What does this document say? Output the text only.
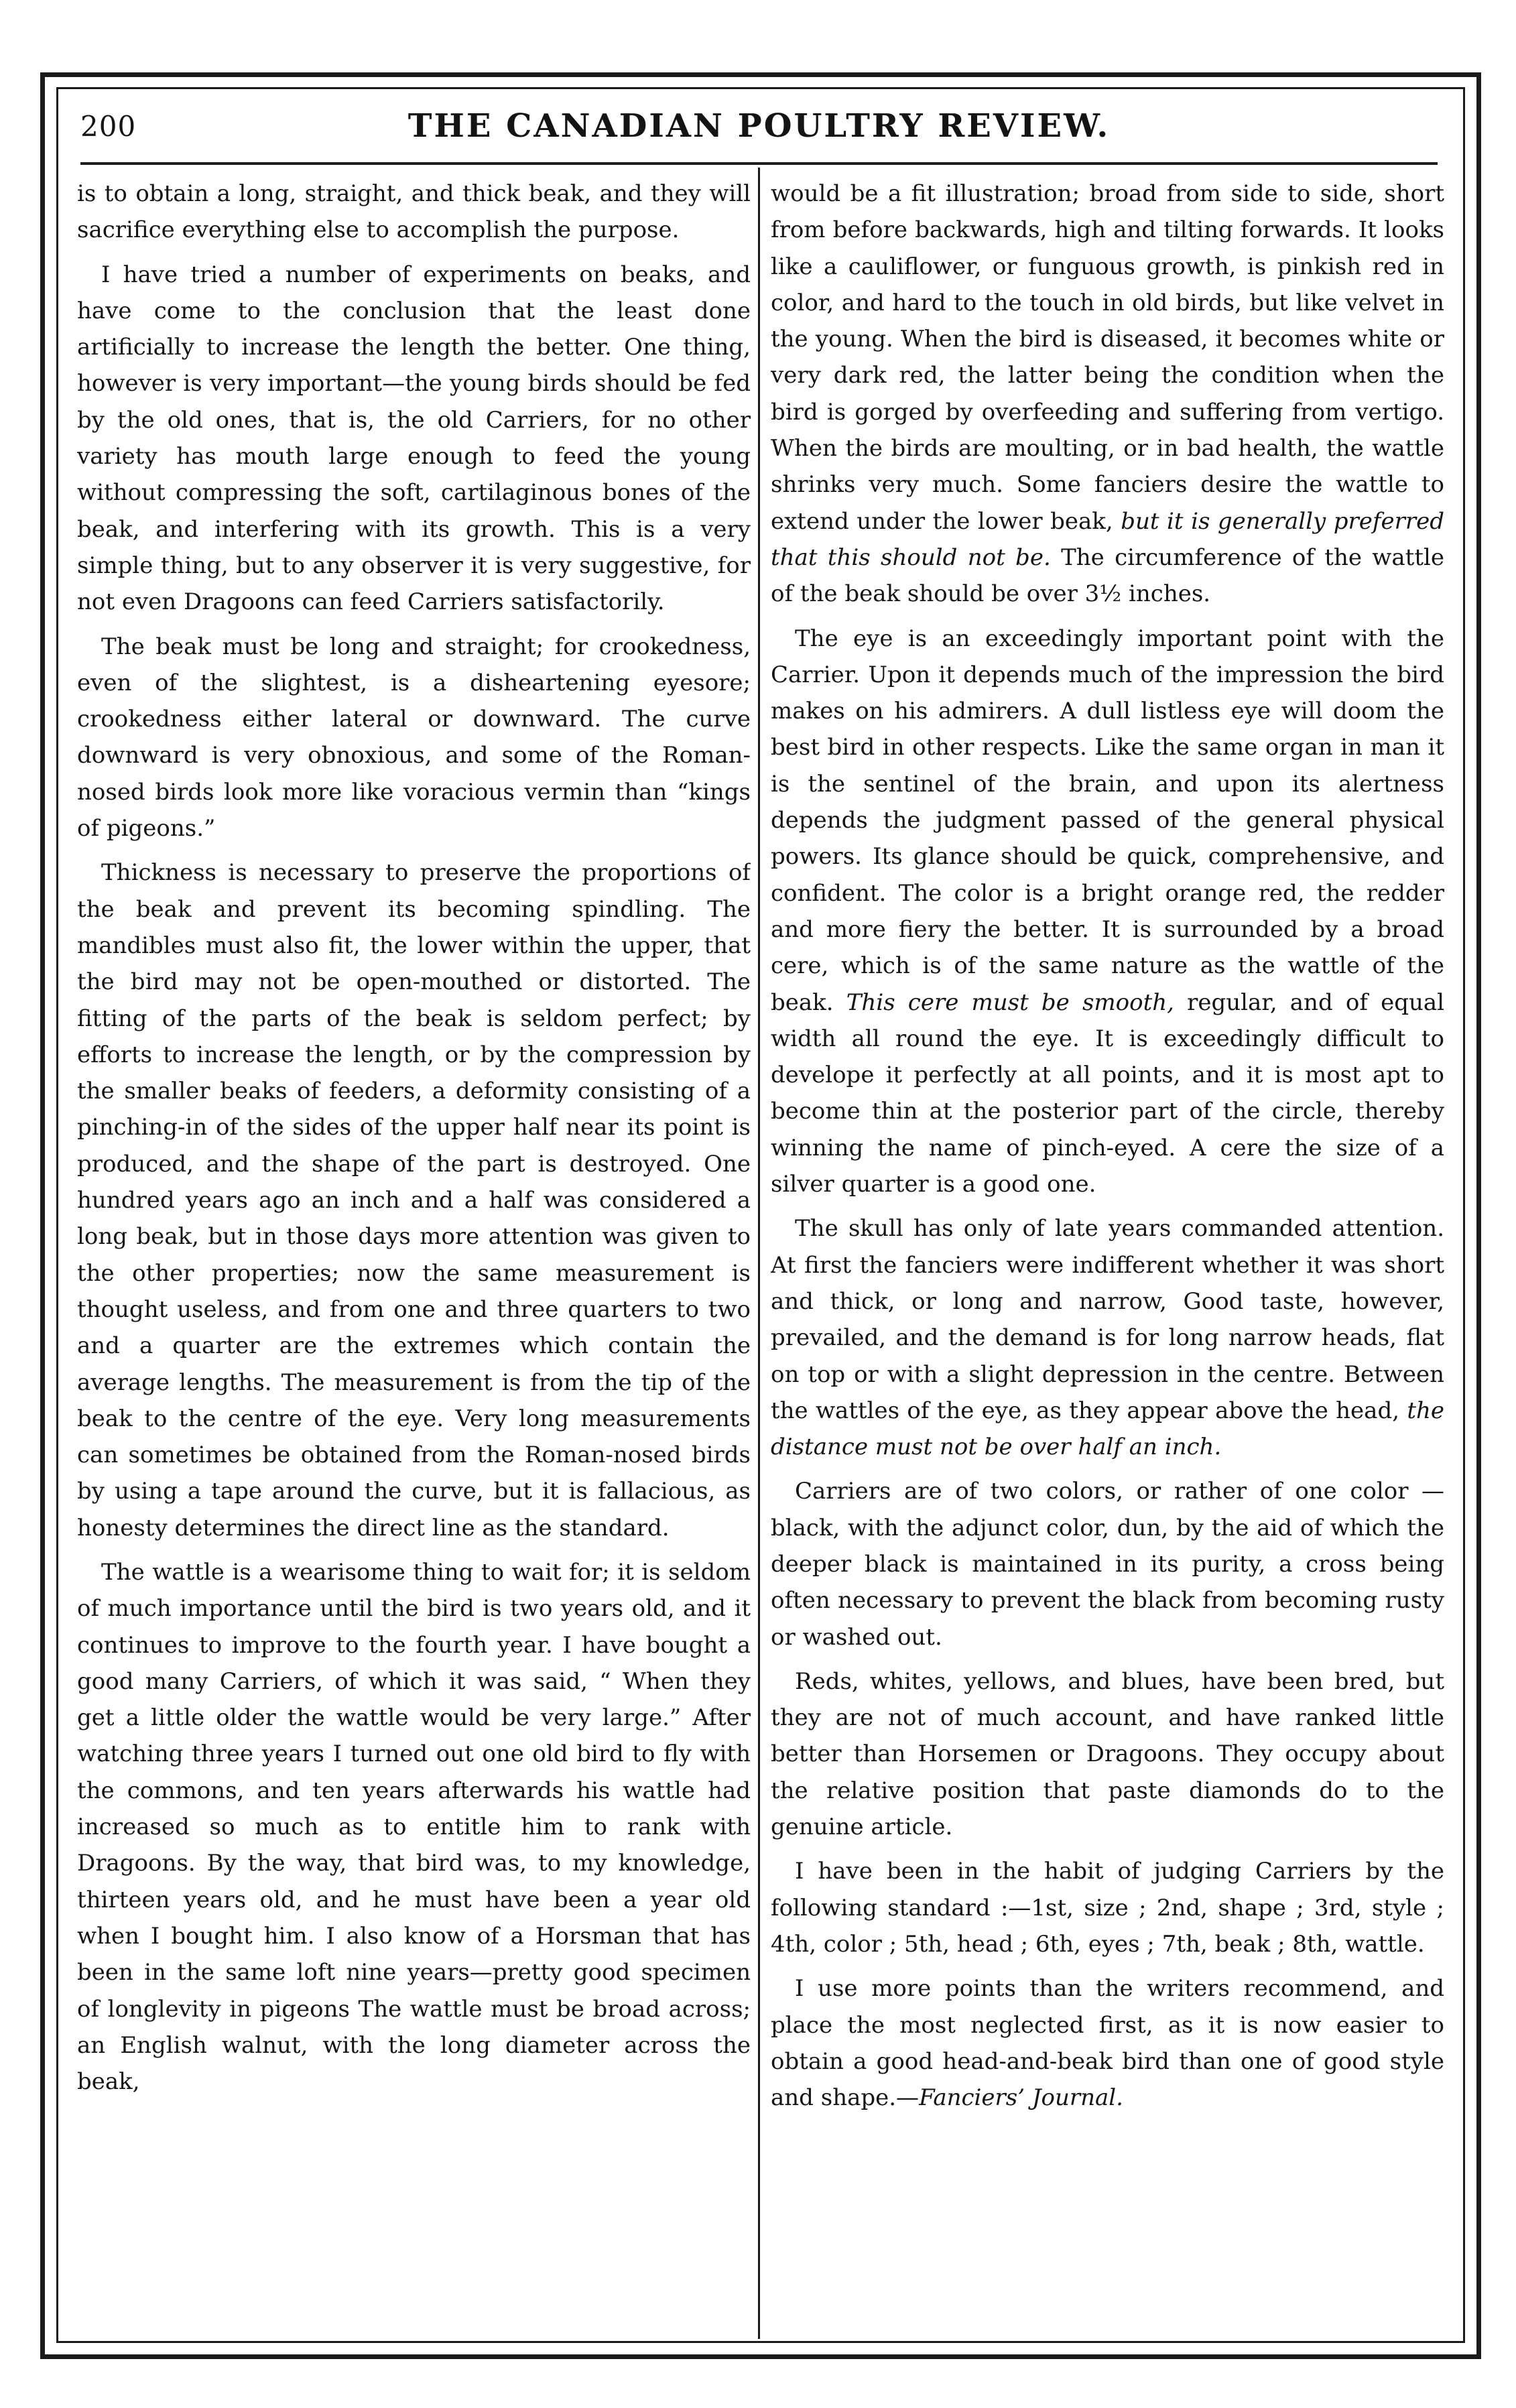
200	THE CANADIAN POULTRY REVIEW.

is to obtain a long, straight, and thick beak, and they will sacrifice everything else to accomplish the purpose.

I have tried a number of experiments on beaks, and have come to the conclusion that the least done artificially to increase the length the better. One thing, however is very important—the young birds should be fed by the old ones, that is, the old Carriers, for no other variety has mouth large enough to feed the young without compressing the soft, cartilaginous bones of the beak, and interfering with its growth. This is a very simple thing, but to any observer it is very suggestive, for not even Dragoons can feed Carriers satisfactorily.

The beak must be long and straight; for crookedness, even of the slightest, is a disheartening eyesore; crookedness either lateral or downward. The curve downward is very obnoxious, and some of the Roman-nosed birds look more like voracious vermin than “kings of pigeons.”

Thickness is necessary to preserve the proportions of the beak and prevent its becoming spindling. The mandibles must also fit, the lower within the upper, that the bird may not be open-mouthed or distorted. The fitting of the parts of the beak is seldom perfect; by efforts to increase the length, or by the compression by the smaller beaks of feeders, a deformity consisting of a pinching-in of the sides of the upper half near its point is produced, and the shape of the part is destroyed. One hundred years ago an inch and a half was considered a long beak, but in those days more attention was given to the other properties; now the same measurement is thought useless, and from one and three quarters to two and a quarter are the extremes which contain the average lengths. The measurement is from the tip of the beak to the centre of the eye. Very long measurements can sometimes be obtained from the Roman-nosed birds by using a tape around the curve, but it is fallacious, as honesty determines the direct line as the standard.

The wattle is a wearisome thing to wait for; it is seldom of much importance until the bird is two years old, and it continues to improve to the fourth year. I have bought a good many Carriers, of which it was said, “ When they get a little older the wattle would be very large.” After watching three years I turned out one old bird to fly with the commons, and ten years afterwards his wattle had increased so much as to entitle him to rank with Dragoons. By the way, that bird was, to my knowledge, thirteen years old, and he must have been a year old when I bought him. I also know of a Horsman that has been in the same loft nine years—pretty good specimen of longlevity in pigeons The wattle must be broad across; an English walnut, with the long diameter across the beak,

would be a fit illustration; broad from side to side, short from before backwards, high and tilting forwards. It looks like a cauliflower, or funguous growth, is pinkish red in color, and hard to the touch in old birds, but like velvet in the young. When the bird is diseased, it becomes white or very dark red, the latter being the condition when the bird is gorged by overfeeding and suffering from vertigo. When the birds are moulting, or in bad health, the wattle shrinks very much. Some fanciers desire the wattle to extend under the lower beak, but it is generally preferred that this should not be. The circumference of the wattle of the beak should be over 3½ inches.

The eye is an exceedingly important point with the Carrier. Upon it depends much of the impression the bird makes on his admirers. A dull listless eye will doom the best bird in other respects. Like the same organ in man it is the sentinel of the brain, and upon its alertness depends the judgment passed of the general physical powers. Its glance should be quick, comprehensive, and confident. The color is a bright orange red, the redder and more fiery the better. It is surrounded by a broad cere, which is of the same nature as the wattle of the beak. This cere must be smooth, regular, and of equal width all round the eye. It is exceedingly difficult to develope it perfectly at all points, and it is most apt to become thin at the posterior part of the circle, thereby winning the name of pinch-eyed. A cere the size of a silver quarter is a good one.

The skull has only of late years commanded attention. At first the fanciers were indifferent whether it was short and thick, or long and narrow, Good taste, however, prevailed, and the demand is for long narrow heads, flat on top or with a slight depression in the centre. Between the wattles of the eye, as they appear above the head, the distance must not be over half an inch.

Carriers are of two colors, or rather of one color —black, with the adjunct color, dun, by the aid of which the deeper black is maintained in its purity, a cross being often necessary to prevent the black from becoming rusty or washed out.

Reds, whites, yellows, and blues, have been bred, but they are not of much account, and have ranked little better than Horsemen or Dragoons. They occupy about the relative position that paste diamonds do to the genuine article.

I have been in the habit of judging Carriers by the following standard :—1st, size ; 2nd, shape ; 3rd, style ; 4th, color ; 5th, head ; 6th, eyes ; 7th, beak ; 8th, wattle.

I use more points than the writers recommend, and place the most neglected first, as it is now easier to obtain a good head-and-beak bird than one of good style and shape.—Fanciers’ Journal.
